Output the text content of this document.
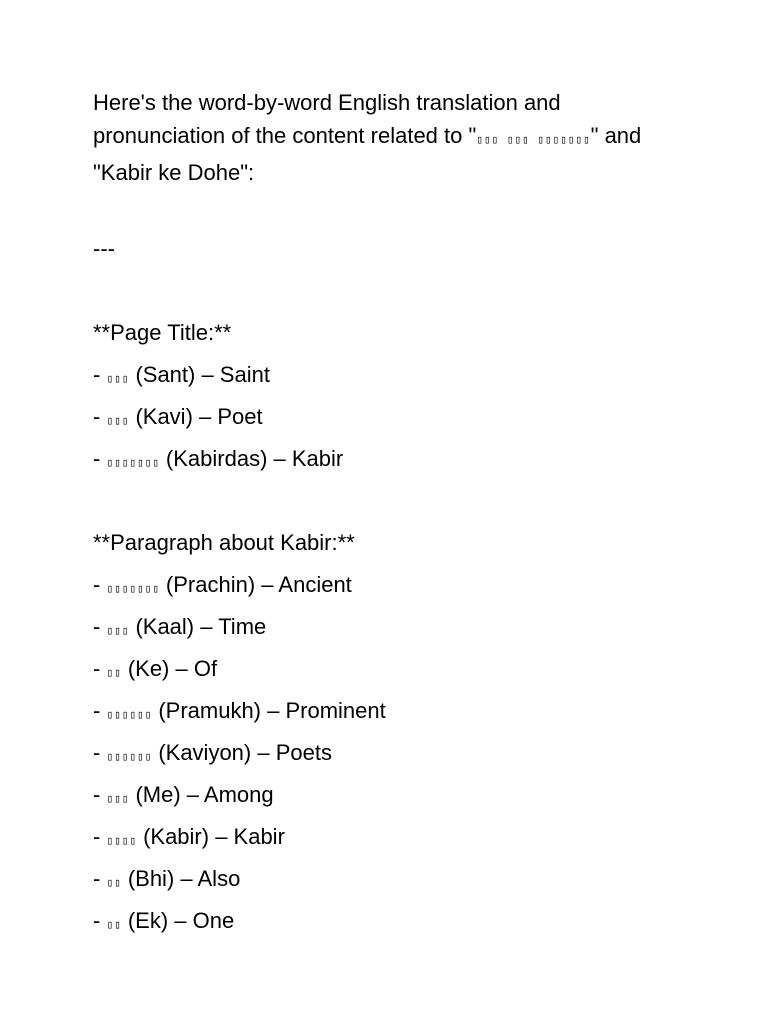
Here's the word-by-word English translation and pronunciation of the content related to "▯▯▯ ▯▯▯ ▯▯▯▯▯▯▯" and "Kabir ke Dohe":

---

**Page Title:**

- ▯▯▯ (Sant) – Saint

- ▯▯▯ (Kavi) – Poet

- ▯▯▯▯▯▯▯ (Kabirdas) – Kabir

**Paragraph about Kabir:**

- ▯▯▯▯▯▯▯ (Prachin) – Ancient

- ▯▯▯ (Kaal) – Time

- ▯▯ (Ke) – Of

- ▯▯▯▯▯▯ (Pramukh) – Prominent

- ▯▯▯▯▯▯ (Kaviyon) – Poets

- ▯▯▯ (Me) – Among

- ▯▯▯▯ (Kabir) – Kabir

- ▯▯ (Bhi) – Also

- ▯▯ (Ek) – One
